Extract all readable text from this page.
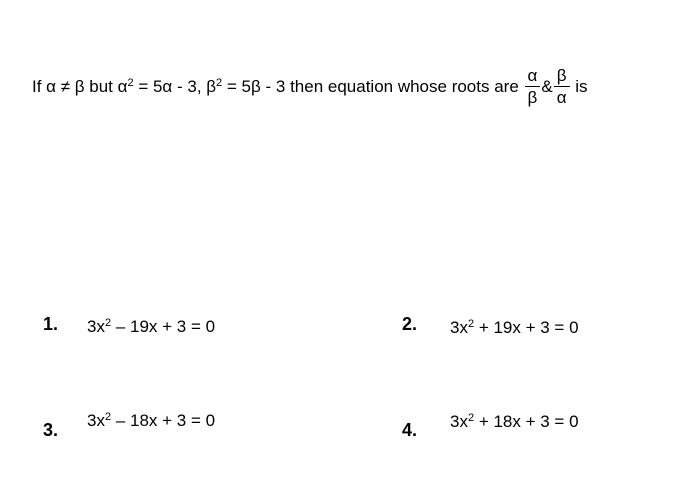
If α ≠ β but $\alpha^2 = 5\alpha - 3$, $\beta^2 = 5\beta - 3$ then equation whose roots are $\frac{\alpha}{\beta}$ & $\frac{\beta}{\alpha}$ is
1. $3x^2 - 19x + 3 = 0$	2. $3x^2 + 19x + 3 = 0$
3. $3x^2 - 18x + 3 = 0$	4. $3x^2 + 18x + 3 = 0$
